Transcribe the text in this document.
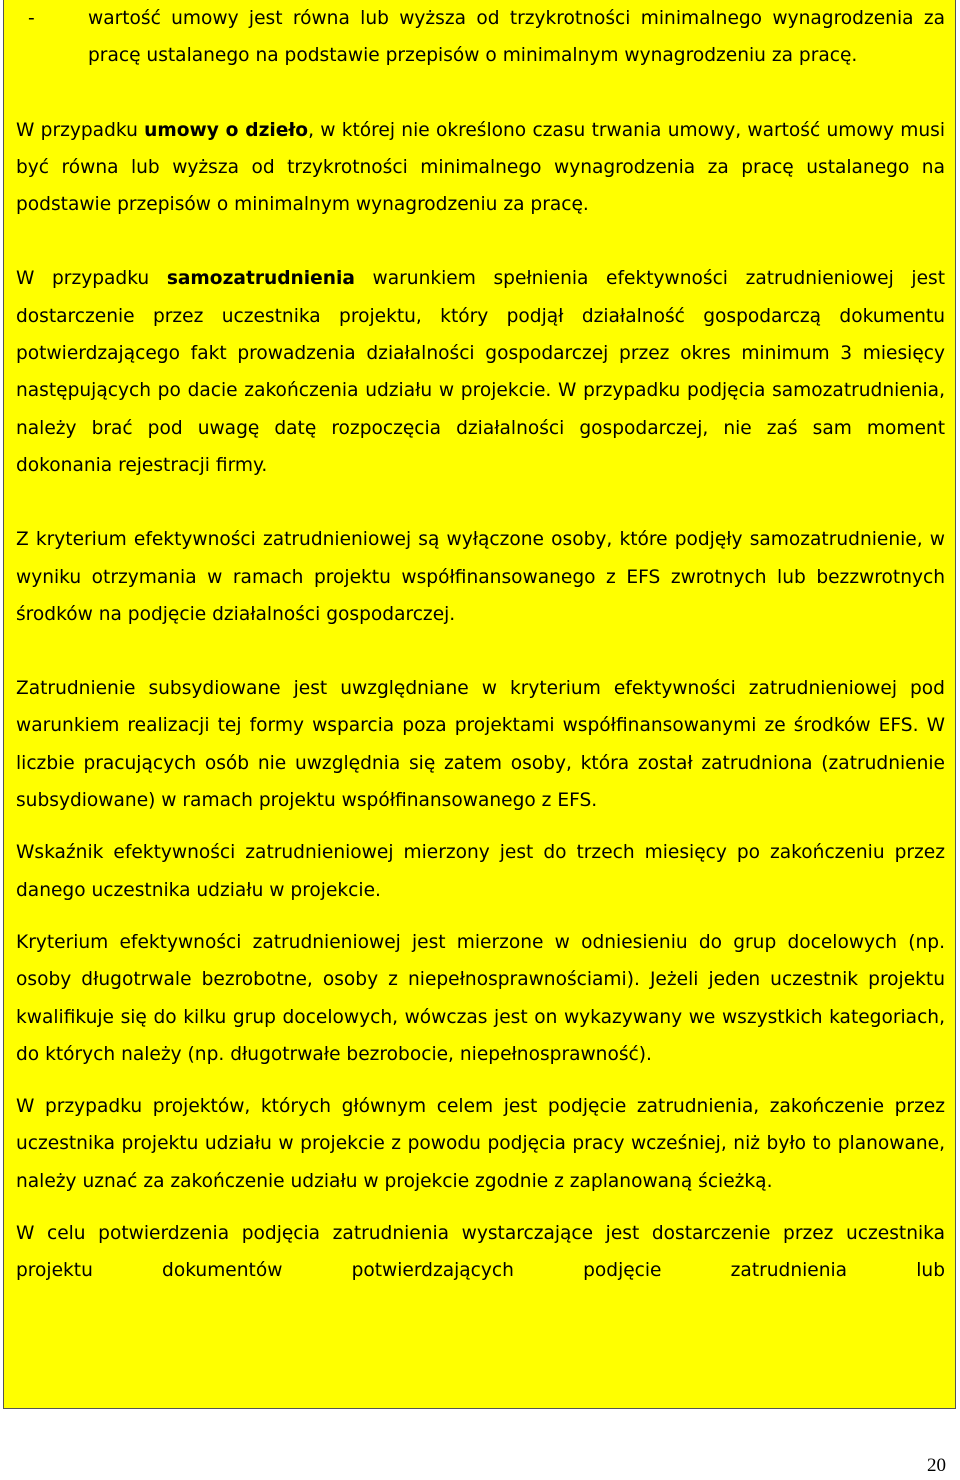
-	wartość umowy jest równa lub wyższa od trzykrotności minimalnego wynagrodzenia za pracę ustalanego na podstawie przepisów o minimalnym wynagrodzeniu za pracę.

W przypadku umowy o dzieło, w której nie określono czasu trwania umowy, wartość umowy musi być równa lub wyższa od trzykrotności minimalnego wynagrodzenia za pracę ustalanego na podstawie przepisów o minimalnym wynagrodzeniu za pracę.

W przypadku samozatrudnienia warunkiem spełnienia efektywności zatrudnieniowej jest dostarczenie przez uczestnika projektu, który podjął działalność gospodarczą dokumentu potwierdzającego fakt prowadzenia działalności gospodarczej przez okres minimum 3 miesięcy następujących po dacie zakończenia udziału w projekcie. W przypadku podjęcia samozatrudnienia, należy brać pod uwagę datę rozpoczęcia działalności gospodarczej, nie zaś sam moment dokonania rejestracji firmy.

Z kryterium efektywności zatrudnieniowej są wyłączone osoby, które podjęły samozatrudnienie, w wyniku otrzymania w ramach projektu współfinansowanego z EFS zwrotnych lub bezzwrotnych środków na podjęcie działalności gospodarczej.

Zatrudnienie subsydiowane jest uwzględniane w kryterium efektywności zatrudnieniowej pod warunkiem realizacji tej formy wsparcia poza projektami współfinansowanymi ze środków EFS. W liczbie pracujących osób nie uwzględnia się zatem osoby, która został zatrudniona (zatrudnienie subsydiowane) w ramach projektu współfinansowanego z EFS.

Wskaźnik efektywności zatrudnieniowej mierzony jest do trzech miesięcy po zakończeniu przez danego uczestnika udziału w projekcie.

Kryterium efektywności zatrudnieniowej jest mierzone w odniesieniu do grup docelowych (np. osoby długotrwale bezrobotne, osoby z niepełnosprawnościami). Jeżeli jeden uczestnik projektu kwalifikuje się do kilku grup docelowych, wówczas jest on wykazywany we wszystkich kategoriach, do których należy (np. długotrwałe bezrobocie, niepełnosprawność).

W przypadku projektów, których głównym celem jest podjęcie zatrudnienia, zakończenie przez uczestnika projektu udziału w projekcie z powodu podjęcia pracy wcześniej, niż było to planowane, należy uznać za zakończenie udziału w projekcie zgodnie z zaplanowaną ścieżką.

W celu potwierdzenia podjęcia zatrudnienia wystarczające jest dostarczenie przez uczestnika projektu dokumentów potwierdzających podjęcie zatrudnienia lub

20
